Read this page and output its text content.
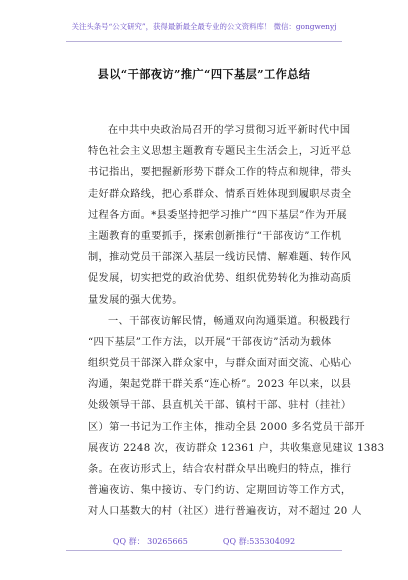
关注头条号“公文研究”，获得最新最全最专业的公文资料库！ 微信：gongwenyj
县以“干部夜访”推广“四下基层”工作总结
在中共中央政治局召开的学习贯彻习近平新时代中国
特色社会主义思想主题教育专题民主生活会上，习近平总
书记指出，要把握新形势下群众工作的特点和规律，带头
走好群众路线，把心系群众、情系百姓体现到履职尽责全
过程各方面。*县委坚持把学习推广“四下基层”作为开展
主题教育的重要抓手，探索创新推行“干部夜访”工作机
制，推动党员干部深入基层一线访民情、解难题、转作风
促发展，切实把党的政治优势、组织优势转化为推动高质
量发展的强大优势。
一、干部夜访解民情，畅通双向沟通渠道。积极践行
“四下基层”工作方法，以开展“干部夜访”活动为载体
组织党员干部深入群众家中，与群众面对面交流、心贴心
沟通，架起党群干群关系“连心桥”。2023 年以来，以县
处级领导干部、县直机关干部、镇村干部、驻村（挂社）
区）第一书记为工作主体，推动全县 2000 多名党员干部开
展夜访 2248 次，夜访群众 12361 户，共收集意见建议 1383
条。在夜访形式上，结合农村群众早出晚归的特点，推行
普遍夜访、集中接访、专门约访、定期回访等工作方式，
对人口基数大的村（社区）进行普遍夜访，对不超过 20 人
QQ 群： 30265665	QQ 群:535304092
